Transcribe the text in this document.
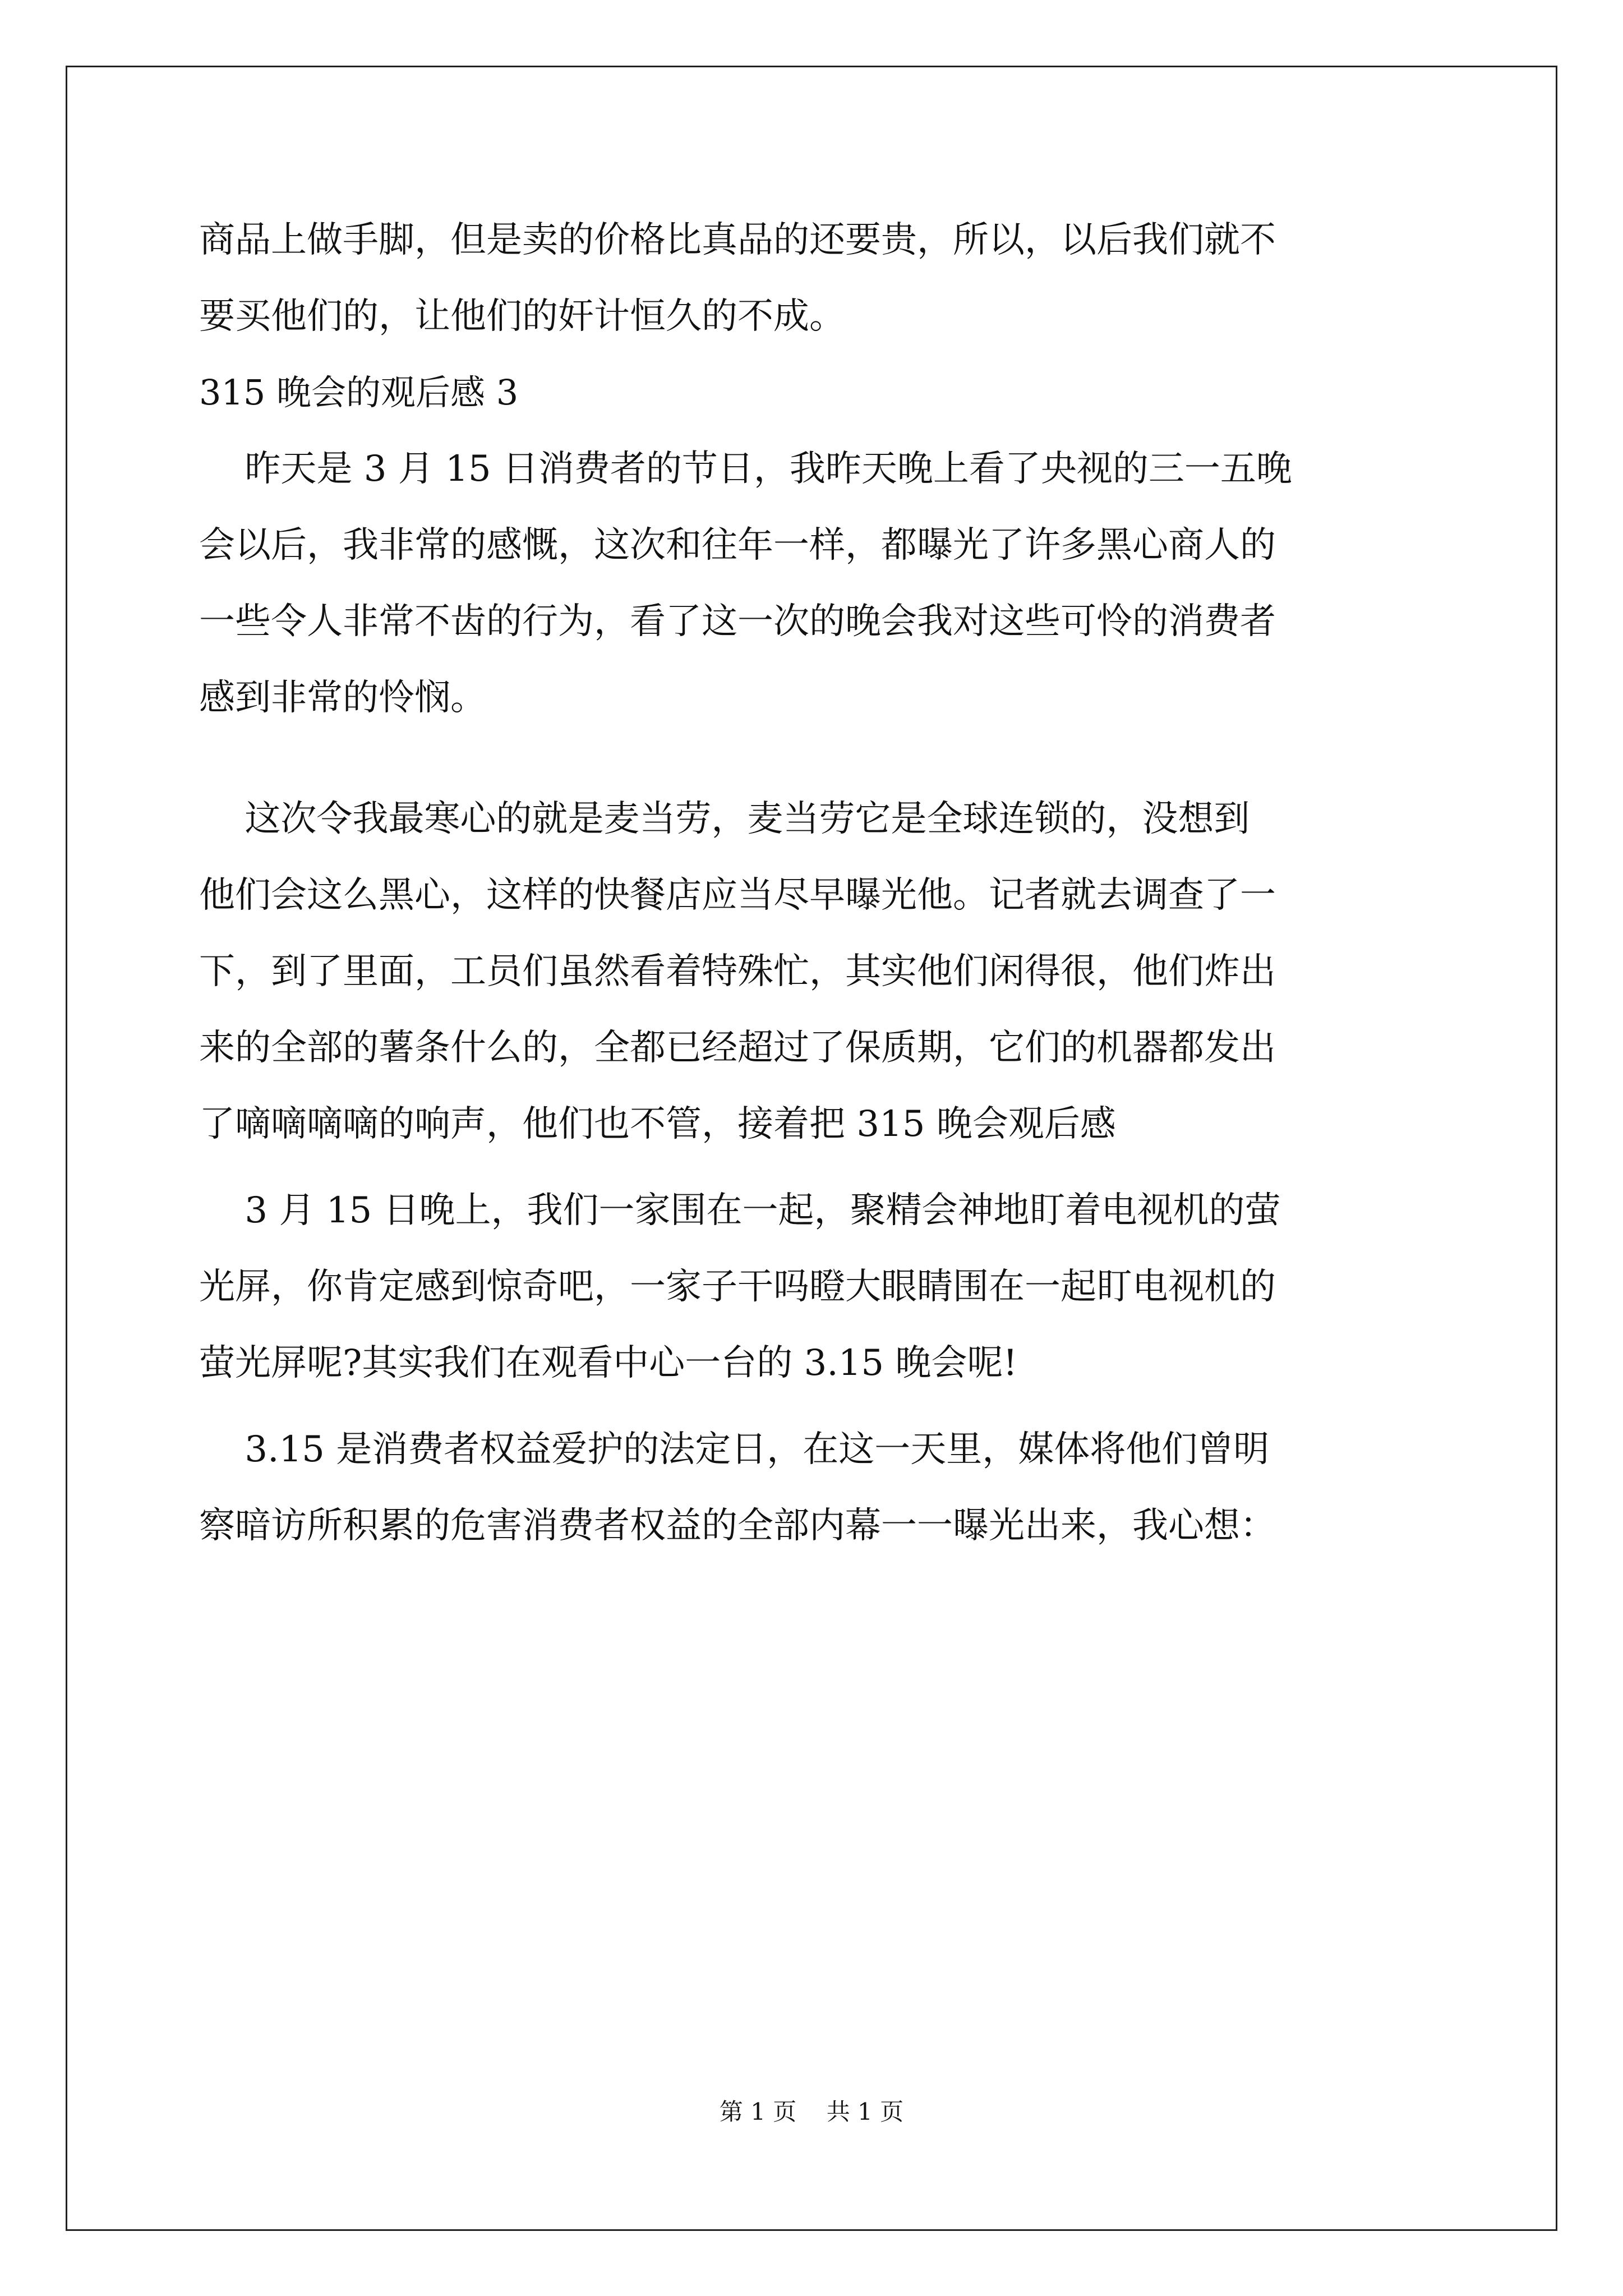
商品上做手脚，但是卖的价格比真品的还要贵，所以，以后我们就不
要买他们的，让他们的奸计恒久的不成。
315 晚会的观后感 3
昨天是 3 月 15 日消费者的节日，我昨天晚上看了央视的三一五晚
会以后，我非常的感慨，这次和往年一样，都曝光了许多黑心商人的
一些令人非常不齿的行为，看了这一次的晚会我对这些可怜的消费者
感到非常的怜悯。
这次令我最寒心的就是麦当劳，麦当劳它是全球连锁的，没想到
他们会这么黑心，这样的快餐店应当尽早曝光他。记者就去调查了一
下，到了里面，工员们虽然看着特殊忙，其实他们闲得很，他们炸出
来的全部的薯条什么的，全都已经超过了保质期，它们的机器都发出
了嘀嘀嘀嘀的响声，他们也不管，接着把 315 晚会观后感
3 月 15 日晚上，我们一家围在一起，聚精会神地盯着电视机的萤
光屏，你肯定感到惊奇吧，一家子干吗瞪大眼睛围在一起盯电视机的
萤光屏呢?其实我们在观看中心一台的 3.15 晚会呢!
3.15 是消费者权益爱护的法定日，在这一天里，媒体将他们曾明
察暗访所积累的危害消费者权益的全部内幕一一曝光出来，我心想：
第 1 页    共 1 页
